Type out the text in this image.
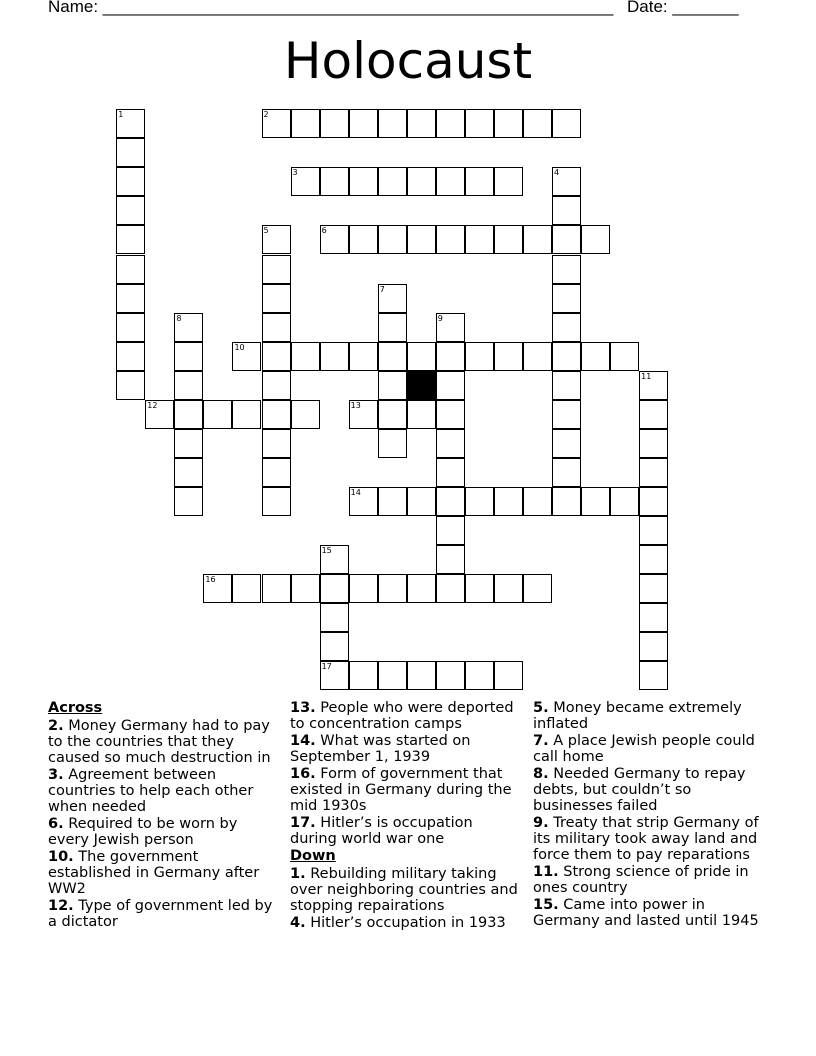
Name: ______________________________________________________ Date: _______
Holocaust
1	2
3	4
5	6
7
8	9
10
11
12	13
14
15
17
16
Across
2. Money Germany had to pay to the countries that they caused so much destruction in
3. Agreement between countries to help each other when needed
6. Required to be worn by every Jewish person
10. The government established in Germany after WW2
12. Type of government led by a dictator
13. People who were deported to concentration camps
14. What was started on September 1, 1939
16. Form of government that existed in Germany during the mid 1930s
17. Hitler’s is occupation during world war one
Down
1. Rebuilding military taking over neighboring countries and stopping repairations
4. Hitler’s occupation in 1933
5. Money became extremely inflated
7. A place Jewish people could call home
8. Needed Germany to repay debts, but couldn’t so businesses failed
9. Treaty that strip Germany of its military took away land and force them to pay reparations
11. Strong science of pride in ones country
15. Came into power in Germany and lasted until 1945
